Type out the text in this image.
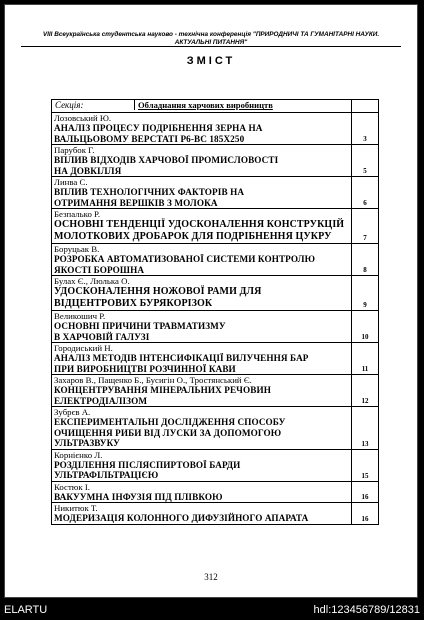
VIII Всеукраїнська студентська науково - технічна конференція "ПРИРОДНИЧІ ТА ГУМАНІТАРНІ НАУКИ.
АКТУАЛЬНІ ПИТАННЯ"
ЗМІСТ
Секція: Обладнання харчових виробництв	

Лозовський Ю.
АНАЛІЗ ПРОЦЕСУ ПОДРІБНЕННЯ ЗЕРНА НА
ВАЛЬЦЬОВОМУ ВЕРСТАТІ Р6-ВС 185X250	3

Парубок Г.
ВПЛИВ ВІДХОДІВ ХАРЧОВОЇ ПРОМИСЛОВОСТІ
НА ДОВКІЛЛЯ	5

Линва С.
ВПЛИВ ТЕХНОЛОГІЧНИХ ФАКТОРІВ НА
ОТРИМАННЯ ВЕРШКІВ З МОЛОКА	6

Безпалько Р.
ОСНОВНІ ТЕНДЕНЦІЇ УДОСКОНАЛЕННЯ КОНСТРУКЦІЙ
МОЛОТКОВИХ ДРОБАРОК ДЛЯ ПОДРІБНЕННЯ ЦУКРУ	7

Боруцьак В.
РОЗРОБКА АВТОМАТИЗОВАНОЇ СИСТЕМИ КОНТРОЛЮ
ЯКОСТІ БОРОШНА	8

Булах Є., Люлька О.
УДОСКОНАЛЕННЯ НОЖОВОЇ РАМИ ДЛЯ
ВІДЦЕНТРОВИХ БУРЯКОРІЗОК	9

Великошич Р.
ОСНОВНІ ПРИЧИНИ ТРАВМАТИЗМУ
В ХАРЧОВІЙ ГАЛУЗІ	10

Городиський Н.
АНАЛІЗ МЕТОДІВ ІНТЕНСИФІКАЦІЇ ВИЛУЧЕННЯ БАР
ПРИ ВИРОБНИЦТВІ РОЗЧИННОЇ КАВИ	11

Захаров В., Пащенко Б., Бусигін О., Тростянський Є.
КОНЦЕНТРУВАННЯ МІНЕРАЛЬНИХ РЕЧОВИН
ЕЛЕКТРОДІАЛІЗОМ	12

Зубрєв А.
ЕКСПЕРИМЕНТАЛЬНІ ДОСЛІДЖЕННЯ СПОСОБУ
ОЧИЩЕННЯ РИБИ ВІД ЛУСКИ ЗА ДОПОМОГОЮ
УЛЬТРАЗВУКУ	13

Корнієнко Л.
РОЗДІЛЕННЯ ПІСЛЯСПИРТОВОЇ БАРДИ
УЛЬТРАФІЛЬТРАЦІЄЮ	15

Костюк І.
ВАКУУМНА ІНФУЗІЯ ПІД ПЛІВКОЮ	16

Никитюк Т.
МОДЕРИЗАЦІЯ КОЛОННОГО ДИФУЗІЙНОГО АПАРАТА	16
312
ELARTU	hdl:123456789/12831
